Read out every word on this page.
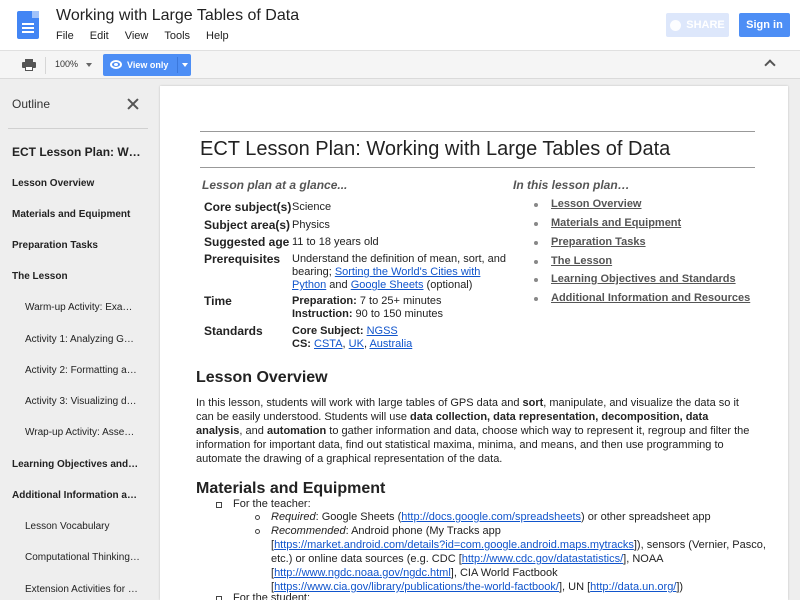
Working with Large Tables of Data
File Edit View Tools Help
SHARE	Sign in
100%	View only
Outline
ECT Lesson Plan: W…
Lesson Overview
Materials and Equipment
Preparation Tasks
The Lesson
Warm-up Activity: Exa…
Activity 1: Analyzing G…
Activity 2: Formatting a…
Activity 3: Visualizing d…
Wrap-up Activity: Asse…
Learning Objectives and…
Additional Information a…
Lesson Vocabulary
Computational Thinking…
Extension Activities for …
ECT Lesson Plan: Working with Large Tables of Data
Lesson plan at a glance...	In this lesson plan…
Core subject(s) Science
Subject area(s) Physics
Suggested age 11 to 18 years old
Prerequisites Understand the definition of mean, sort, and
bearing; Sorting the World's Cities with
Python and Google Sheets (optional)
Time	Preparation: 7 to 25+ minutes
Instruction: 90 to 150 minutes
Standards	Core Subject: NGSS
CS: CSTA, UK, Australia
Lesson Overview
Materials and Equipment
Preparation Tasks
The Lesson
Learning Objectives and Standards
Additional Information and Resources
Lesson Overview
In this lesson, students will work with large tables of GPS data and sort, manipulate, and visualize the data so it can be easily understood. Students will use data collection, data representation, decomposition, data analysis, and automation to gather information and data, choose which way to represent it, regroup and filter the information for important data, find out statistical maxima, minima, and means, and then use programming to automate the drawing of a graphical representation of the data.
Materials and Equipment
For the teacher:
Required: Google Sheets (http://docs.google.com/spreadsheets) or other spreadsheet app
Recommended: Android phone (My Tracks app
[https://market.android.com/details?id=com.google.android.maps.mytracks]), sensors (Vernier, Pasco,
etc.) or online data sources (e.g. CDC [http://www.cdc.gov/datastatistics/], NOAA
[http://www.ngdc.noaa.gov/ngdc.html], CIA World Factbook
[https://www.cia.gov/library/publications/the-world-factbook/], UN [http://data.un.org/])
For the student:
